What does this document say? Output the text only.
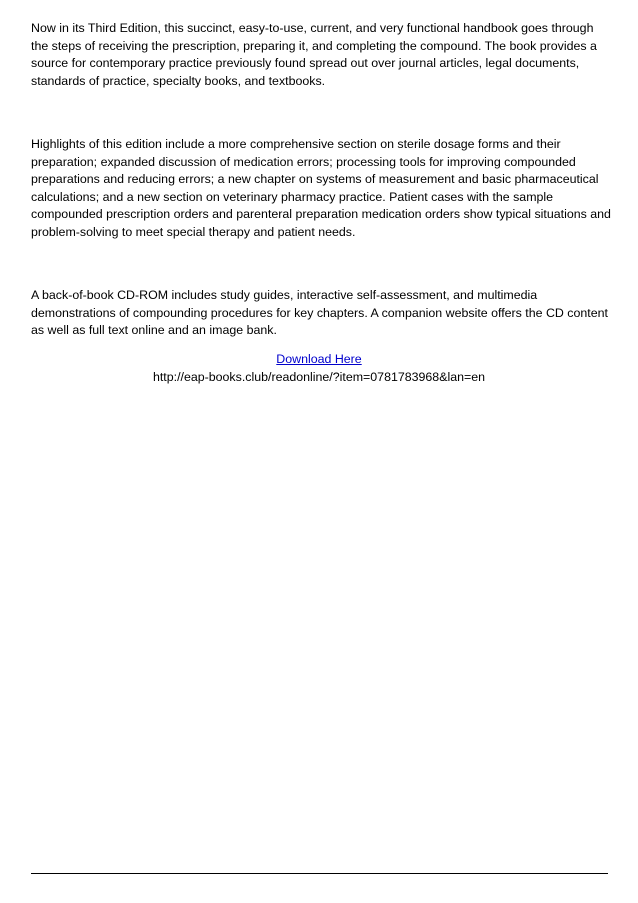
Now in its Third Edition, this succinct, easy-to-use, current, and very functional handbook goes through the steps of receiving the prescription, preparing it, and completing the compound. The book provides a source for contemporary practice previously found spread out over journal articles, legal documents, standards of practice, specialty books, and textbooks.

Highlights of this edition include a more comprehensive section on sterile dosage forms and their preparation; expanded discussion of medication errors; processing tools for improving compounded preparations and reducing errors; a new chapter on systems of measurement and basic pharmaceutical calculations; and a new section on veterinary pharmacy practice. Patient cases with the sample compounded prescription orders and parenteral preparation medication orders show typical situations and problem-solving to meet special therapy and patient needs.

A back-of-book CD-ROM includes study guides, interactive self-assessment, and multimedia demonstrations of compounding procedures for key chapters. A companion website offers the CD content as well as full text online and an image bank.

Download Here
http://eap-books.club/readonline/?item=0781783968&lan=en
